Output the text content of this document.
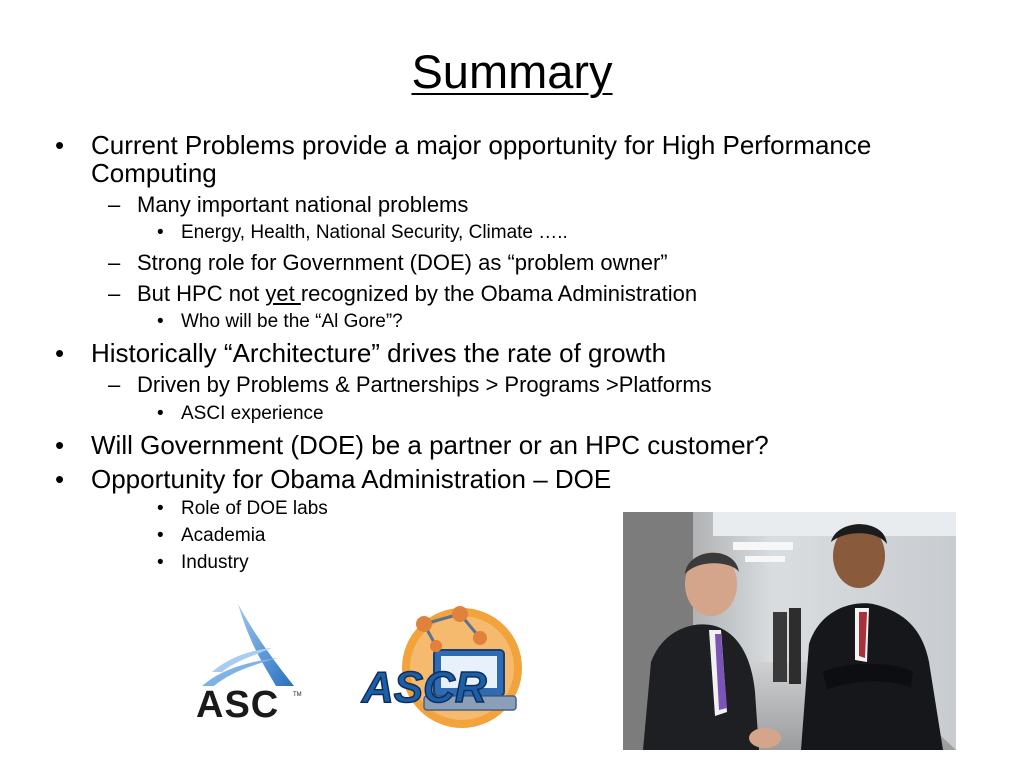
Summary
• Current Problems provide a major opportunity for High Performance
Computing
– Many important national problems
• Energy, Health, National Security, Climate …..
– Strong role for Government (DOE) as “problem owner”
– But HPC not yet recognized by the Obama Administration
• Who will be the “Al Gore”?
• Historically “Architecture” drives the rate of growth
– Driven by Problems & Partnerships > Programs >Platforms
• ASCI experience
• Will Government (DOE) be a partner or an HPC customer?
• Opportunity for Obama Administration – DOE
• Role of DOE labs
• Academia
• Industry
ASC TM ASCR
